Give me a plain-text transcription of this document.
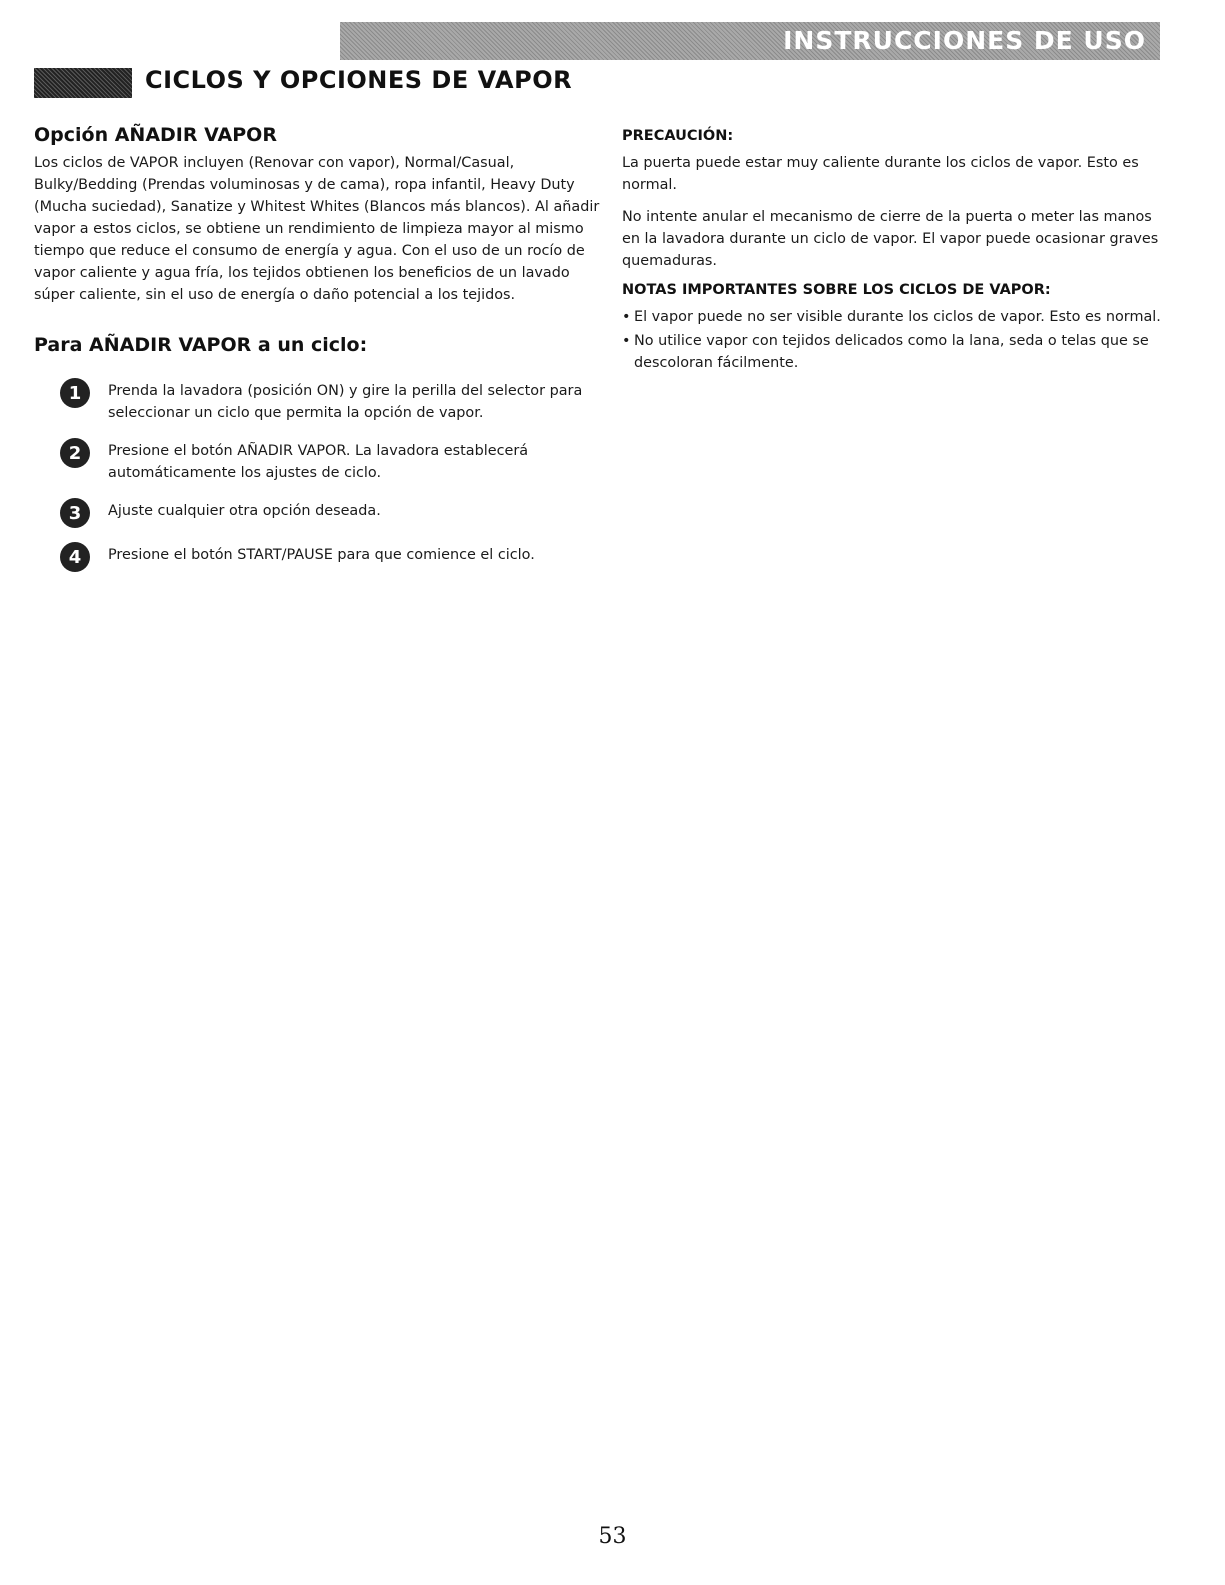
INSTRUCCIONES DE USO
CICLOS Y OPCIONES DE VAPOR
Opción AÑADIR VAPOR

Los ciclos de VAPOR incluyen (Renovar con vapor), Normal/Casual, Bulky/Bedding (Prendas voluminosas y de cama), ropa infantil, Heavy Duty (Mucha suciedad), Sanatize y Whitest Whites (Blancos más blancos). Al añadir vapor a estos ciclos, se obtiene un rendimiento de limpieza mayor al mismo tiempo que reduce el consumo de energía y agua. Con el uso de un rocío de vapor caliente y agua fría, los tejidos obtienen los beneficios de un lavado súper caliente, sin el uso de energía o daño potencial a los tejidos.

Para AÑADIR VAPOR a un ciclo:
1	Prenda la lavadora (posición ON) y gire la perilla del selector para seleccionar un ciclo que permita la opción de vapor.
2	Presione el botón AÑADIR VAPOR. La lavadora establecerá automáticamente los ajustes de ciclo.
3	Ajuste cualquier otra opción deseada.
4	Presione el botón START/PAUSE para que comience el ciclo.
PRECAUCIÓN:

La puerta puede estar muy caliente durante los ciclos de vapor. Esto es normal.

No intente anular el mecanismo de cierre de la puerta o meter las manos en la lavadora durante un ciclo de vapor. El vapor puede ocasionar graves quemaduras.

NOTAS IMPORTANTES SOBRE LOS CICLOS DE VAPOR:
• El vapor puede no ser visible durante los ciclos de vapor. Esto es normal.
• No utilice vapor con tejidos delicados como la lana, seda o telas que se descoloran fácilmente.
53
